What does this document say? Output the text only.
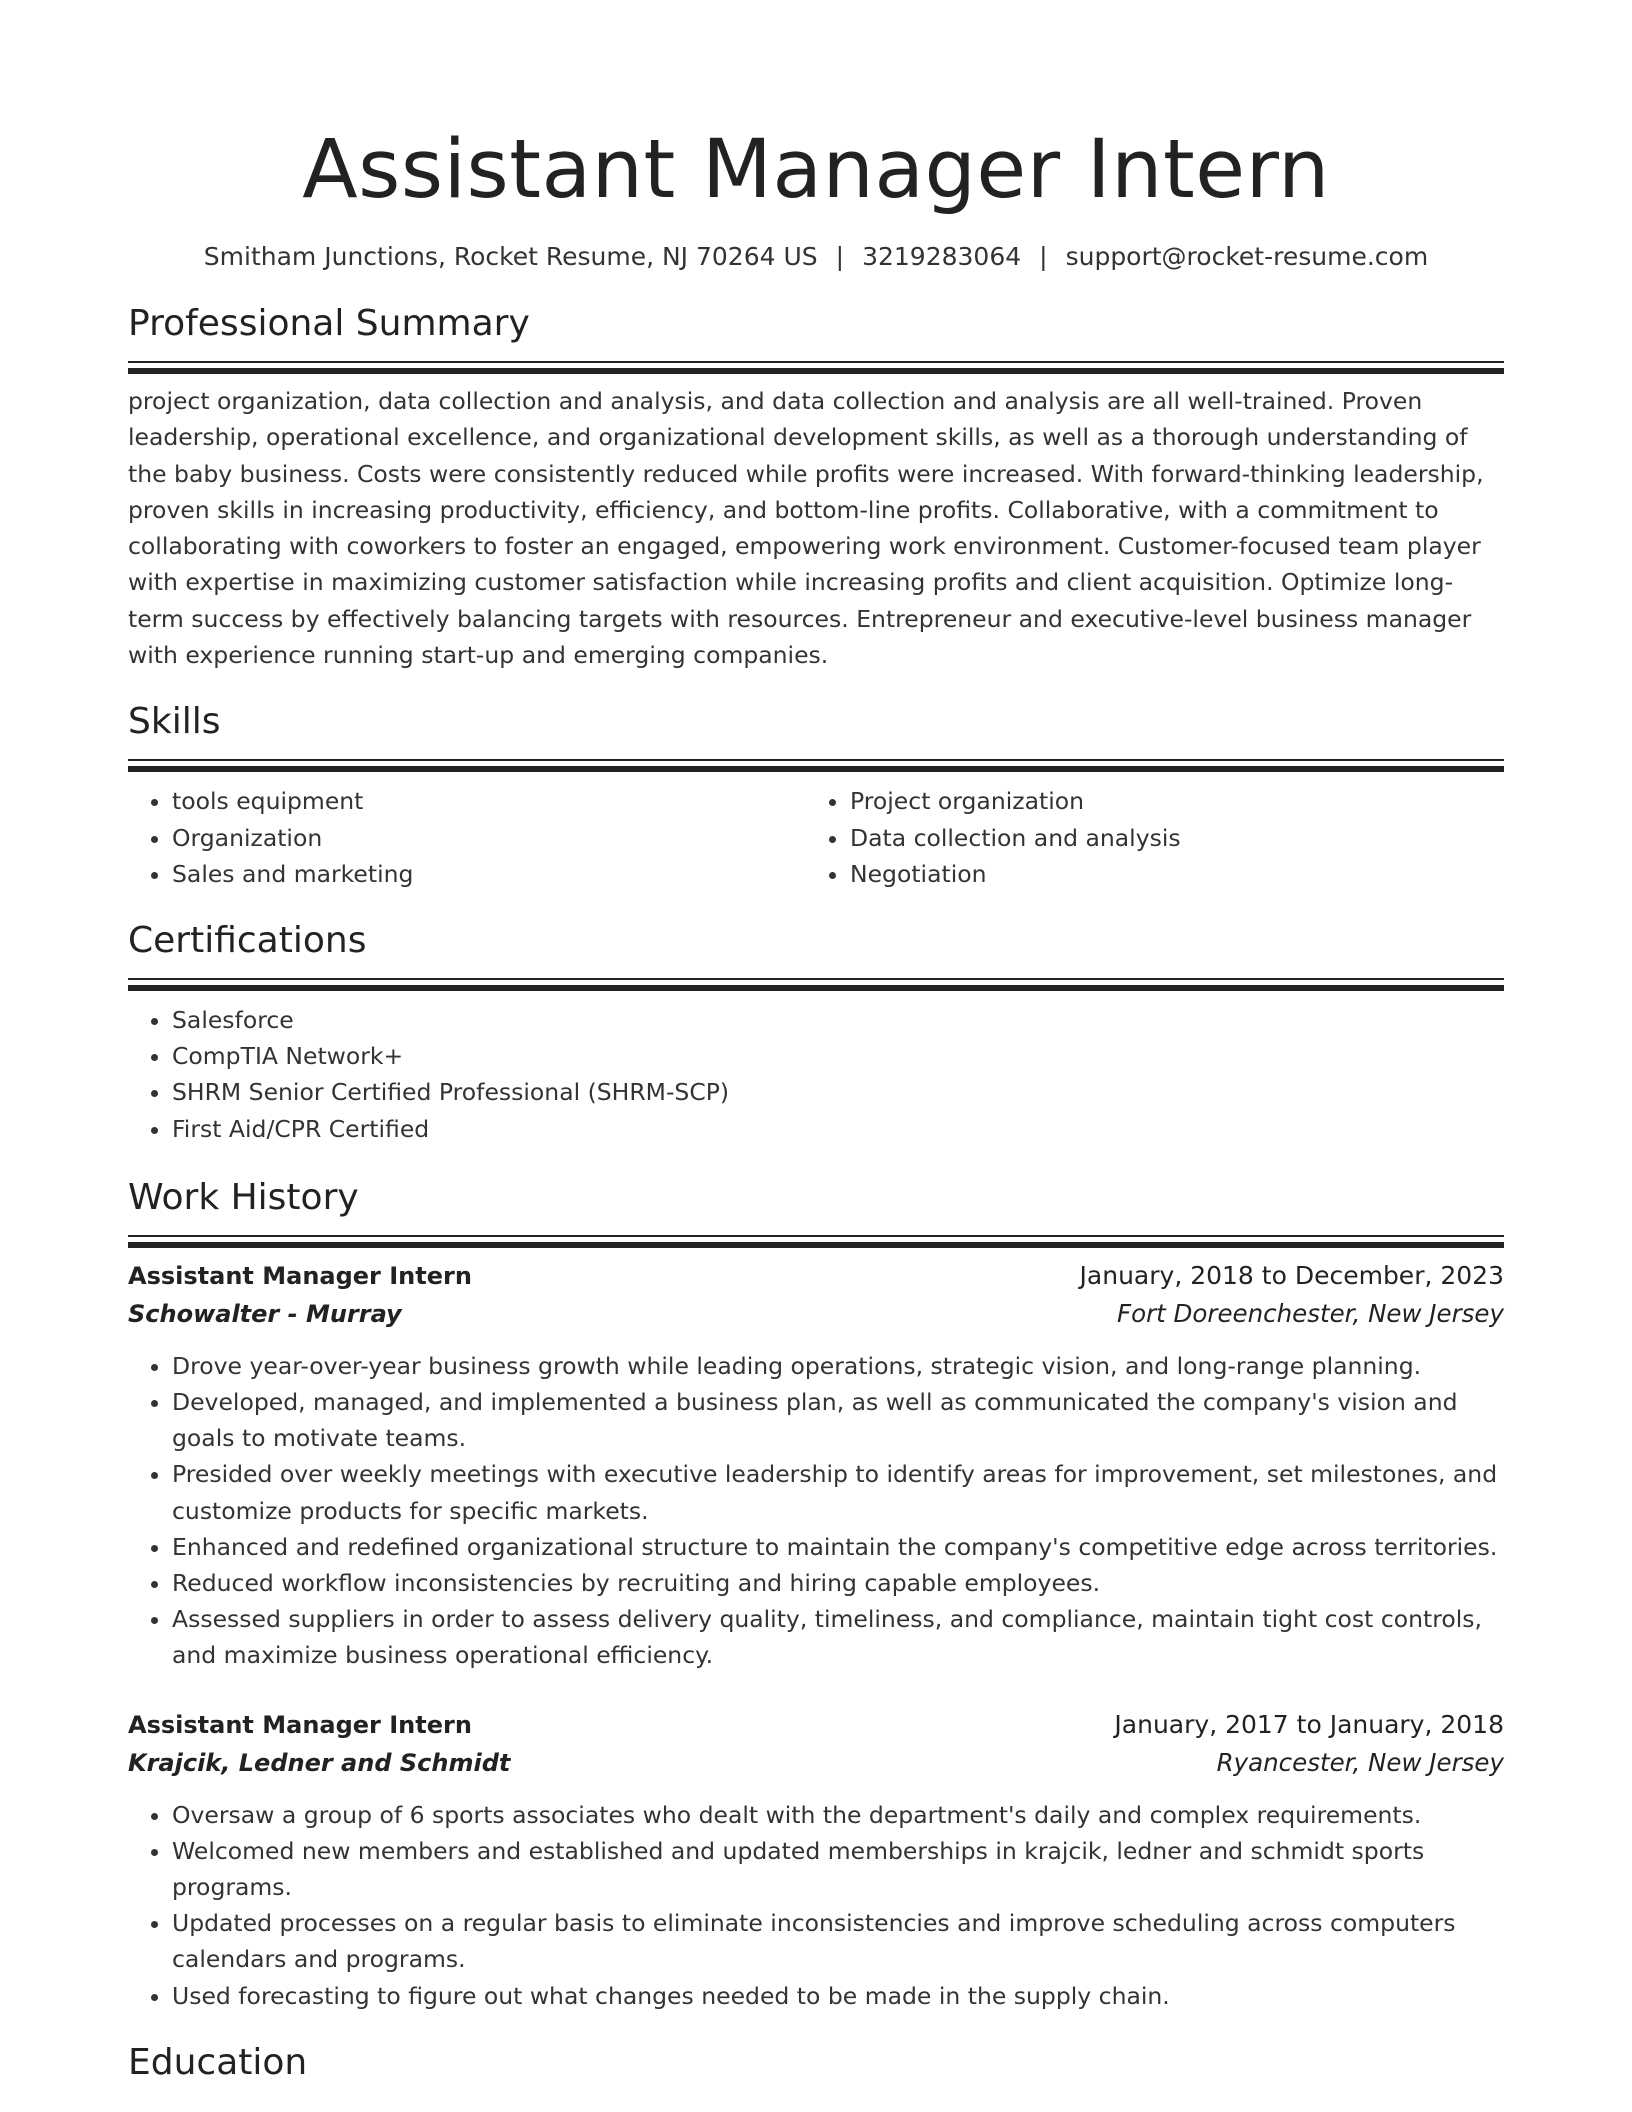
Assistant Manager Intern
Smitham Junctions, Rocket Resume, NJ 70264 US | 3219283064 | support@rocket-resume.com
Professional Summary
project organization, data collection and analysis, and data collection and analysis are all well-trained. Proven leadership, operational excellence, and organizational development skills, as well as a thorough understanding of the baby business. Costs were consistently reduced while profits were increased. With forward-thinking leadership, proven skills in increasing productivity, efficiency, and bottom-line profits. Collaborative, with a commitment to collaborating with coworkers to foster an engaged, empowering work environment. Customer-focused team player with expertise in maximizing customer satisfaction while increasing profits and client acquisition. Optimize long-term success by effectively balancing targets with resources. Entrepreneur and executive-level business manager with experience running start-up and emerging companies.
Skills
• tools equipment
• Organization
• Sales and marketing
• Project organization
• Data collection and analysis
• Negotiation
Certifications
• Salesforce
• CompTIA Network+
• SHRM Senior Certified Professional (SHRM-SCP)
• First Aid/CPR Certified
Work History
Assistant Manager Intern	January, 2018 to December, 2023
Schowalter - Murray	Fort Doreenchester, New Jersey
• Drove year-over-year business growth while leading operations, strategic vision, and long-range planning.
• Developed, managed, and implemented a business plan, as well as communicated the company's vision and goals to motivate teams.
• Presided over weekly meetings with executive leadership to identify areas for improvement, set milestones, and customize products for specific markets.
• Enhanced and redefined organizational structure to maintain the company's competitive edge across territories.
• Reduced workflow inconsistencies by recruiting and hiring capable employees.
• Assessed suppliers in order to assess delivery quality, timeliness, and compliance, maintain tight cost controls, and maximize business operational efficiency.
Assistant Manager Intern	January, 2017 to January, 2018
Krajcik, Ledner and Schmidt	Ryancester, New Jersey
• Oversaw a group of 6 sports associates who dealt with the department's daily and complex requirements.
• Welcomed new members and established and updated memberships in krajcik, ledner and schmidt sports programs.
• Updated processes on a regular basis to eliminate inconsistencies and improve scheduling across computers calendars and programs.
• Used forecasting to figure out what changes needed to be made in the supply chain.
Education
